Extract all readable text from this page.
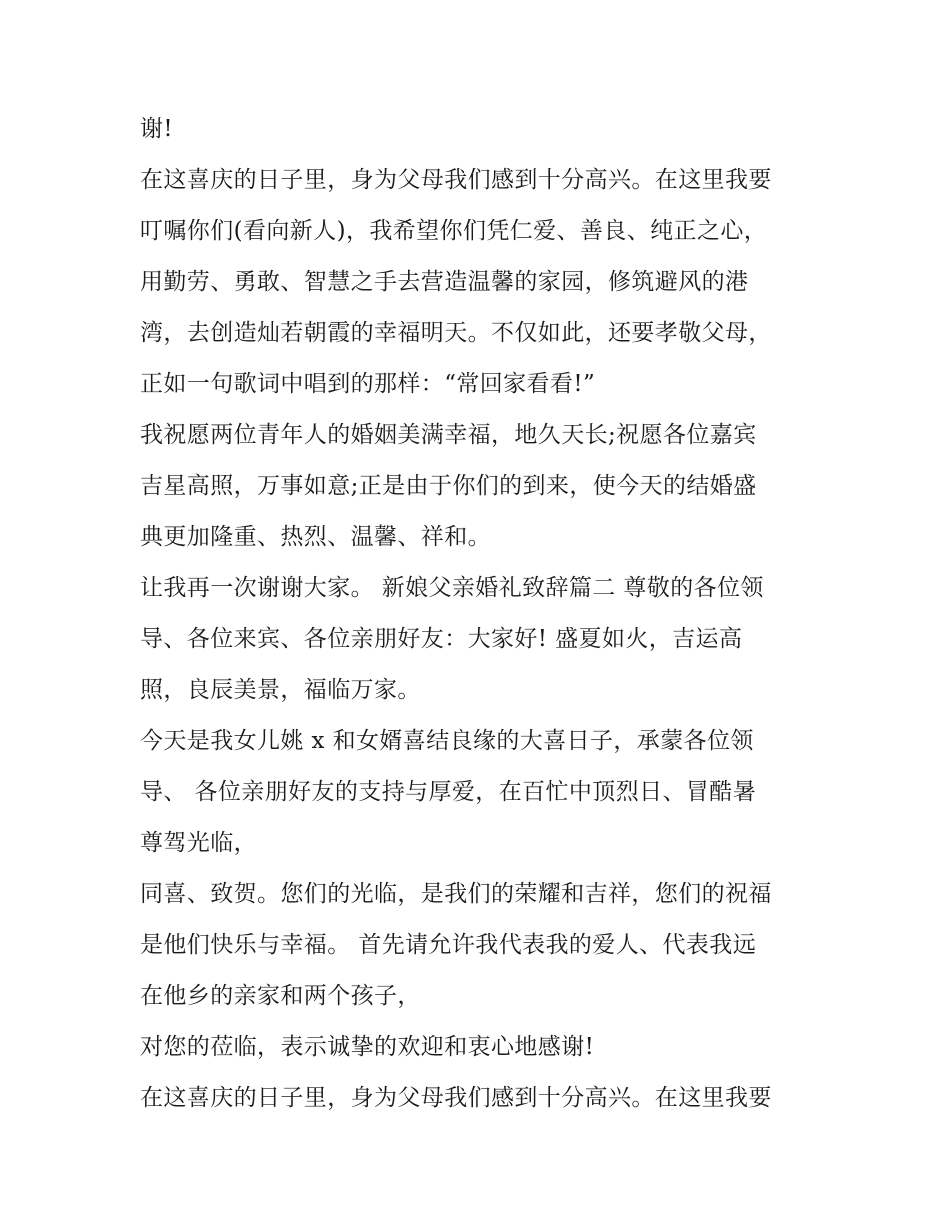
谢!
在这喜庆的日子里，身为父母我们感到十分高兴。在这里我要
叮嘱你们(看向新人)，我希望你们凭仁爱、善良、纯正之心，
用勤劳、勇敢、智慧之手去营造温馨的家园，修筑避风的港
湾，去创造灿若朝霞的幸福明天。不仅如此，还要孝敬父母，
正如一句歌词中唱到的那样：“常回家看看!”
我祝愿两位青年人的婚姻美满幸福，地久天长;祝愿各位嘉宾
吉星高照，万事如意;正是由于你们的到来，使今天的结婚盛
典更加隆重、热烈、温馨、祥和。
让我再一次谢谢大家。 新娘父亲婚礼致辞篇二 尊敬的各位领
导、各位来宾、各位亲朋好友：大家好! 盛夏如火，吉运高
照，良辰美景，福临万家。
今天是我女儿姚 x 和女婿喜结良缘的大喜日子，承蒙各位领
导、 各位亲朋好友的支持与厚爱，在百忙中顶烈日、冒酷暑
尊驾光临，
同喜、致贺。您们的光临，是我们的荣耀和吉祥，您们的祝福
是他们快乐与幸福。 首先请允许我代表我的爱人、代表我远
在他乡的亲家和两个孩子，
对您的莅临，表示诚挚的欢迎和衷心地感谢!
在这喜庆的日子里，身为父母我们感到十分高兴。在这里我要
